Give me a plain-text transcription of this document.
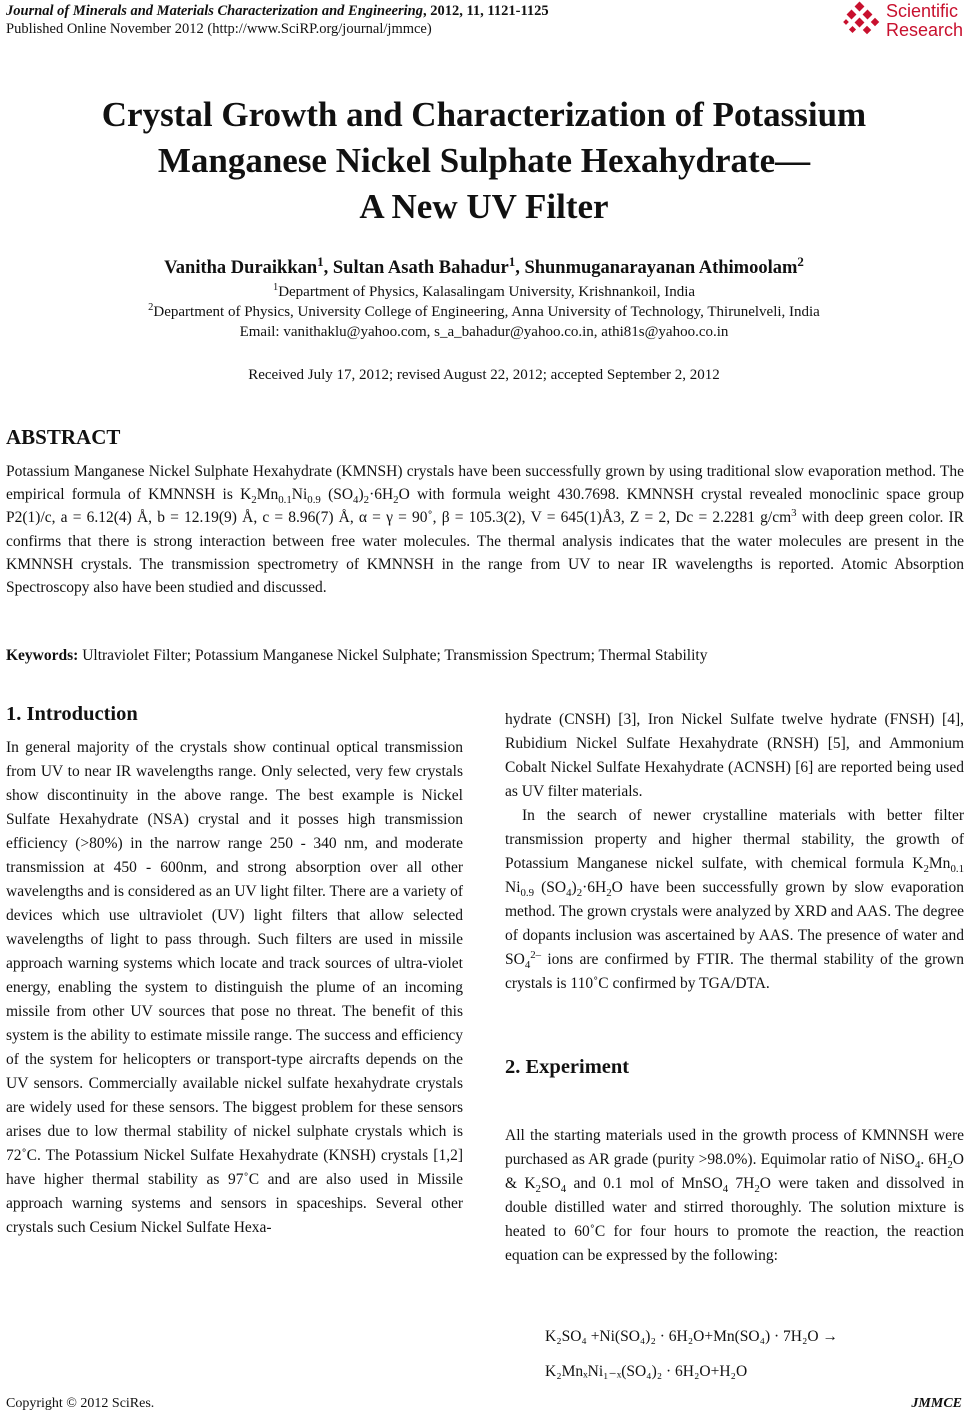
Journal of Minerals and Materials Characterization and Engineering, 2012, 11, 1121-1125
Published Online November 2012 (http://www.SciRP.org/journal/jmmce)
Scientific
Research
Crystal Growth and Characterization of Potassium
Manganese Nickel Sulphate Hexahydrate—
A New UV Filter
Vanitha Duraikkan$^1$, Sultan Asath Bahadur$^1$, Shunmuganarayanan Athimoolam$^2$
$^1$Department of Physics, Kalasalingam University, Krishnankoil, India
$^2$Department of Physics, University College of Engineering, Anna University of Technology, Thirunelveli, India
Email: vanithaklu@yahoo.com, s_a_bahadur@yahoo.co.in, athi81s@yahoo.co.in
Received July 17, 2012; revised August 22, 2012; accepted September 2, 2012
ABSTRACT
Potassium Manganese Nickel Sulphate Hexahydrate (KMNSH) crystals have been successfully grown by using traditional slow evaporation method. The empirical formula of KMNNSH is $K_2Mn_{0.1}Ni_{0.9}$ $(SO_4)_2\cdot 6H_2O$ with formula weight 430.7698. KMNNSH crystal revealed monoclinic space group P2(1)/c, a = 6.12(4) Å, b = 12.19(9) Å, c = 8.96(7) Å, α = γ = 90˚, β = 105.3(2), V = 645(1)Å3, Z = 2, Dc = 2.2281 $g/cm^3$ with deep green color. IR confirms that there is strong interaction between free water molecules. The thermal analysis indicates that the water molecules are present in the KMNNSH crystals. The transmission spectrometry of KMNNSH in the range from UV to near IR wavelengths is reported. Atomic Absorption Spectroscopy also have been studied and discussed.
Keywords: Ultraviolet Filter; Potassium Manganese Nickel Sulphate; Transmission Spectrum; Thermal Stability
1. Introduction

In general majority of the crystals show continual optical transmission from UV to near IR wavelengths range. Only selected, very few crystals show discontinuity in the above range. The best example is Nickel Sulfate Hexahydrate (NSA) crystal and it posses high transmission efficiency (>80%) in the narrow range 250 - 340 nm, and moderate transmission at 450 - 600nm, and strong absorption over all other wavelengths and is considered as an UV light filter. There are a variety of devices which use ultraviolet (UV) light filters that allow selected wavelengths of light to pass through. Such filters are used in missile approach warning systems which locate and track sources of ultra-violet energy, enabling the system to distinguish the plume of an incoming missile from other UV sources that pose no threat. The benefit of this system is the ability to estimate missile range. The success and efficiency of the system for helicopters or transport-type aircrafts depends on the UV sensors. Commercially available nickel sulfate hexahydrate crystals are widely used for these sensors. The biggest problem for these sensors arises due to low thermal stability of nickel sulphate crystals which is 72˚C. The Potassium Nickel Sulfate Hexahydrate (KNSH) crystals [1,2] have higher thermal stability as 97˚C and are also used in Missile approach warning systems and sensors in spaceships. Several other crystals such Cesium Nickel Sulfate Hexa-

hydrate (CNSH) [3], Iron Nickel Sulfate twelve hydrate (FNSH) [4], Rubidium Nickel Sulfate Hexahydrate (RNSH) [5], and Ammonium Cobalt Nickel Sulfate Hexahydrate (ACNSH) [6] are reported being used as UV filter materials.

In the search of newer crystalline materials with better filter transmission property and higher thermal stability, the growth of Potassium Manganese nickel sulfate, with chemical formula $K_2Mn_{0.1}$ $Ni_{0.9}$ $(SO_4)_2\cdot 6H_2O$ have been successfully grown by slow evaporation method. The grown crystals were analyzed by XRD and AAS. The degree of dopants inclusion was ascertained by AAS. The presence of water and $SO_4^{2-}$ ions are confirmed by FTIR. The thermal stability of the grown crystals is 110˚C confirmed by TGA/DTA.

2. Experiment

All the starting materials used in the growth process of KMNNSH were purchased as AR grade (purity >98.0%). Equimolar ratio of NiSO$_4$. $6H_2O$ & $K_2SO_4$ and 0.1 mol of MnSO$_4$ $7H_2O$ were taken and dissolved in double distilled water and stirred thoroughly. The solution mixture is heated to 60˚C for four hours to promote the reaction, the reaction equation can be expressed by the following:

K₂SO₄ +Ni(SO₄)₂ · 6H₂O+Mn(SO₄) · 7H₂O →
K₂MnₓNi₁₋ₓ(SO₄)₂ · 6H₂O+H₂O
Copyright © 2012 SciRes.	JMMCE
